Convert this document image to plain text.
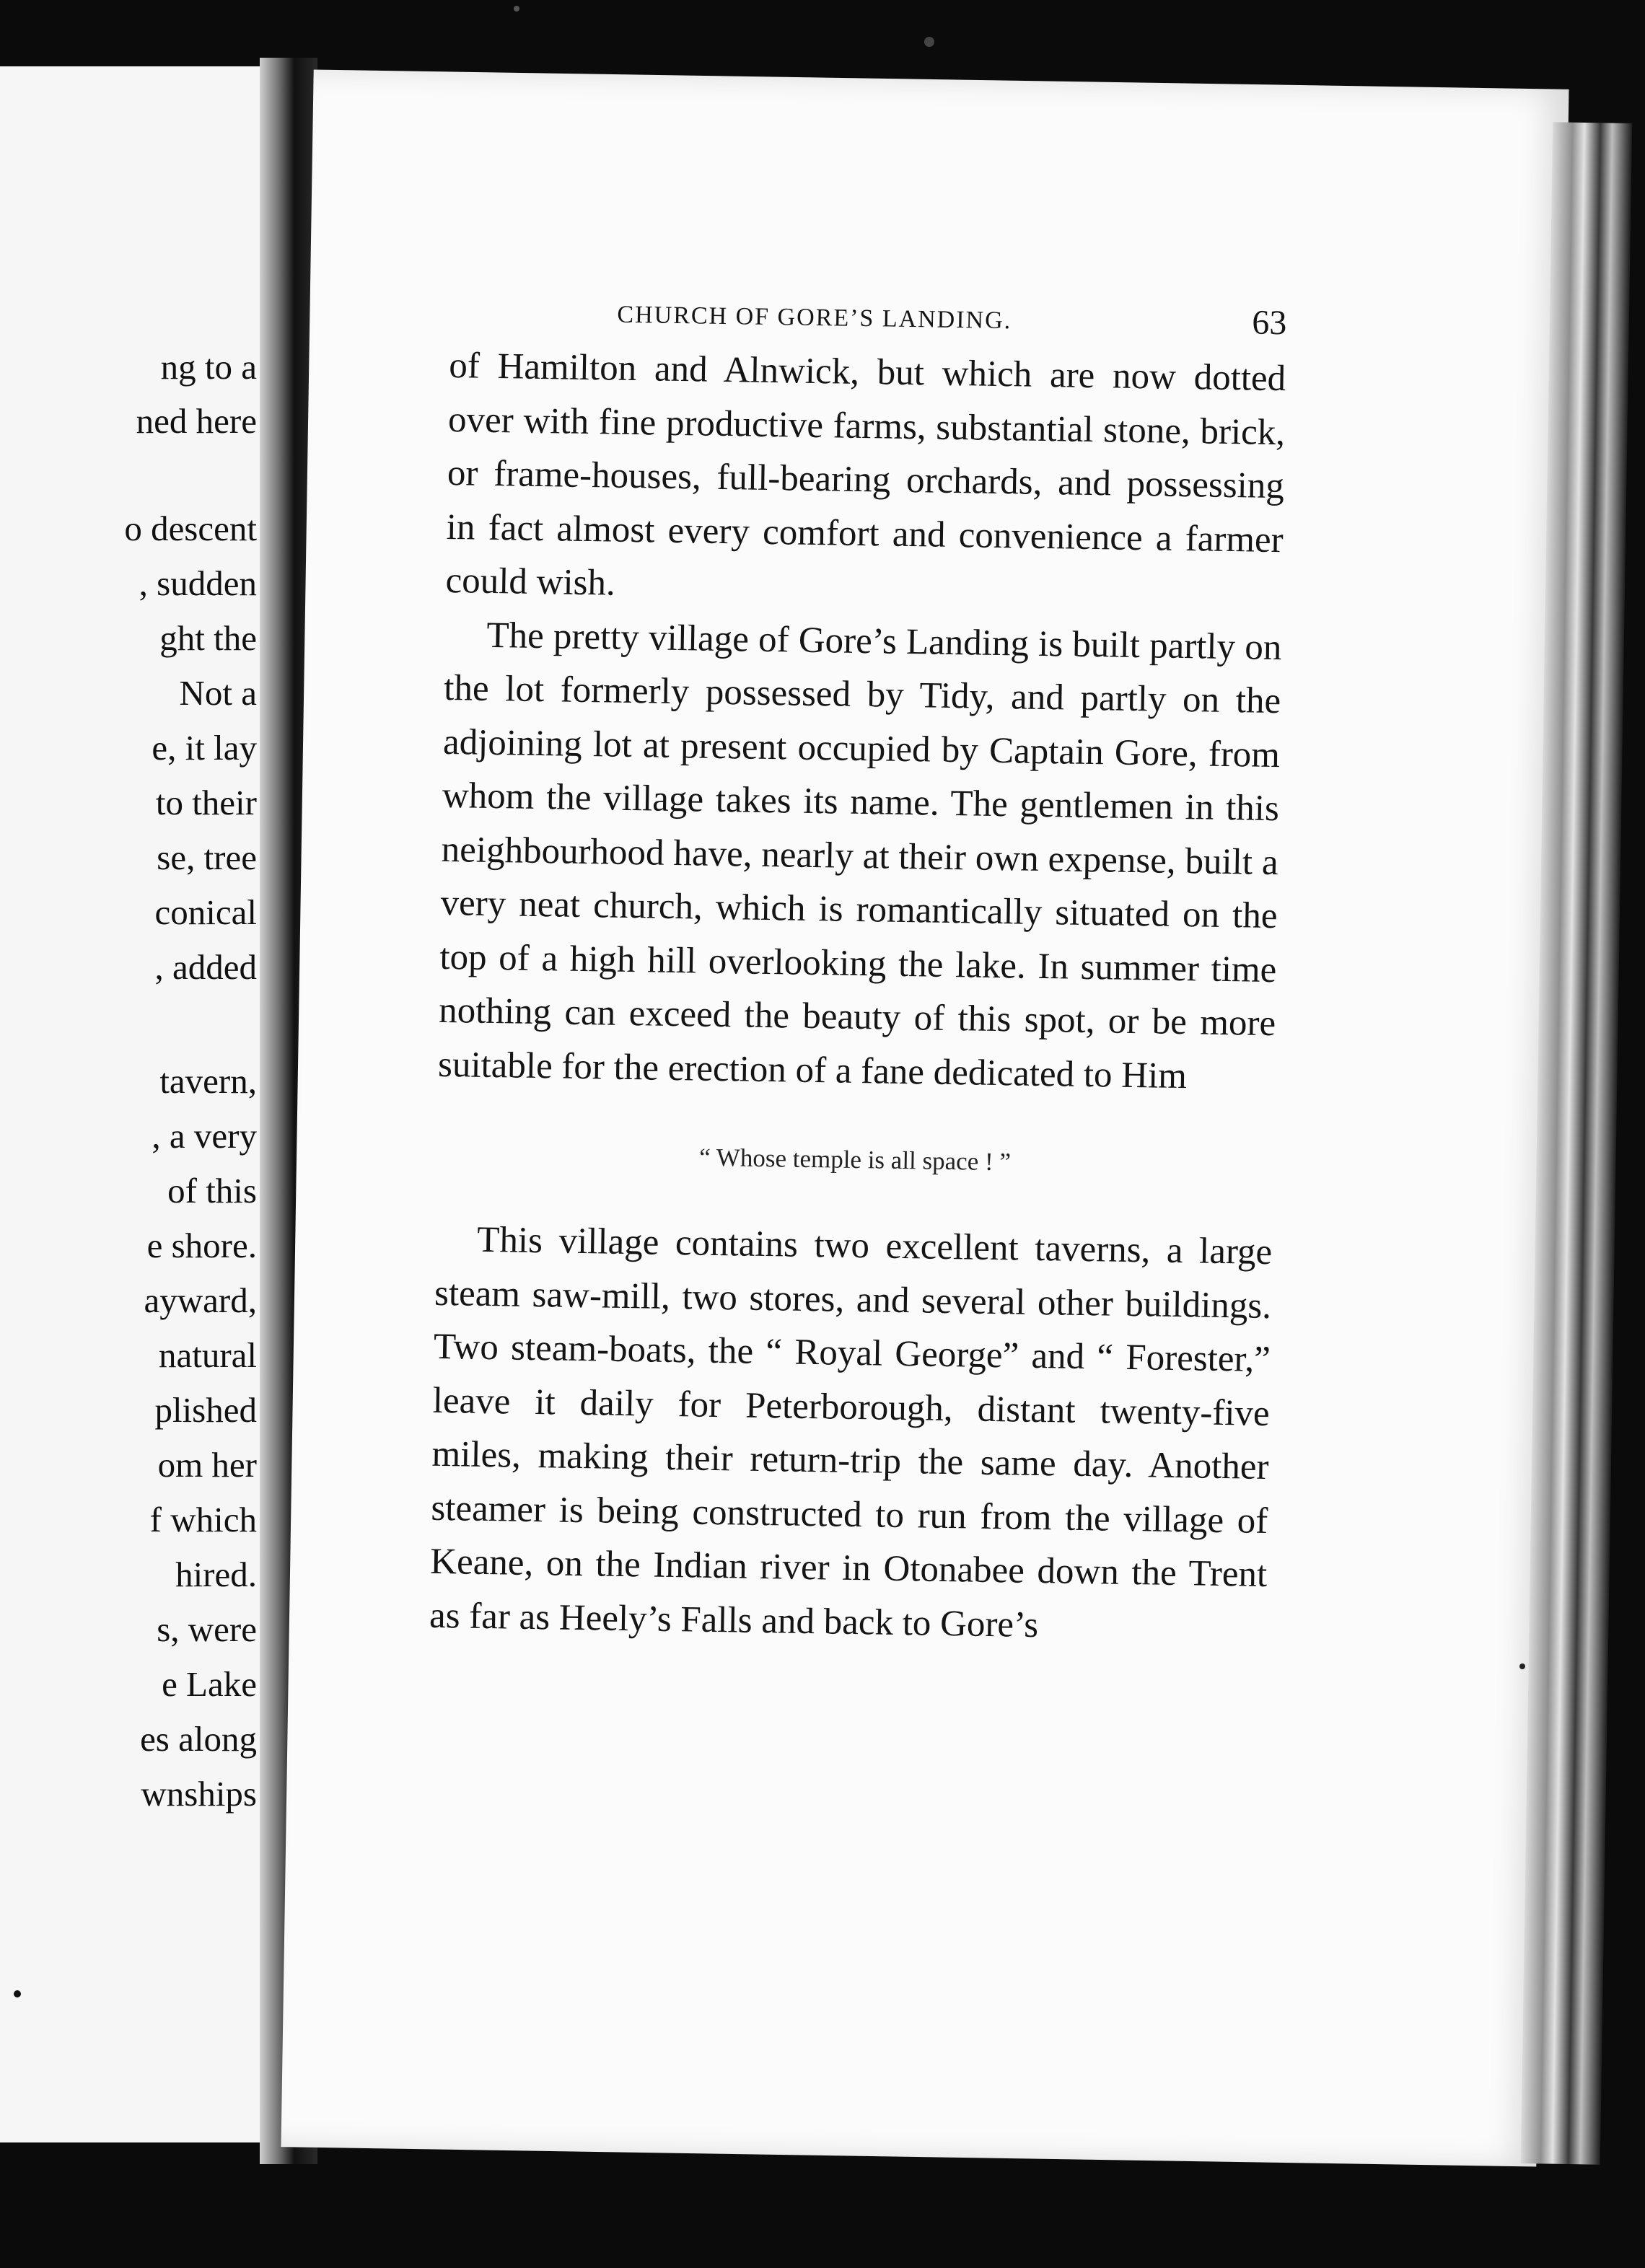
ng to a
ned here
o descent
, sudden
ght the
Not a
e, it lay
to their
se, tree
conical
, added
tavern,
, a very
of this
e shore.
ayward,
natural
plished
om her
f which
hired.
s, were
e Lake
es along
wnships
CHURCH OF GORE’S LANDING.	63

of Hamilton and Alnwick, but which are now dotted over with fine productive farms, substantial stone, brick, or frame-houses, full-bearing orchards, and possessing in fact almost every comfort and convenience a farmer could wish.

The pretty village of Gore’s Landing is built partly on the lot formerly possessed by Tidy, and partly on the adjoining lot at present occupied by Captain Gore, from whom the village takes its name. The gentlemen in this neighbourhood have, nearly at their own expense, built a very neat church, which is romantically situated on the top of a high hill overlooking the lake. In summer time nothing can exceed the beauty of this spot, or be more suitable for the erection of a fane dedicated to Him

“ Whose temple is all space ! ”

This village contains two excellent taverns, a large steam saw-mill, two stores, and several other buildings. Two steam-boats, the “ Royal George” and “ Forester,” leave it daily for Peterborough, distant twenty-five miles, making their return-trip the same day. Another steamer is being constructed to run from the village of Keane, on the Indian river in Otonabee down the Trent as far as Heely’s Falls and back to Gore’s
